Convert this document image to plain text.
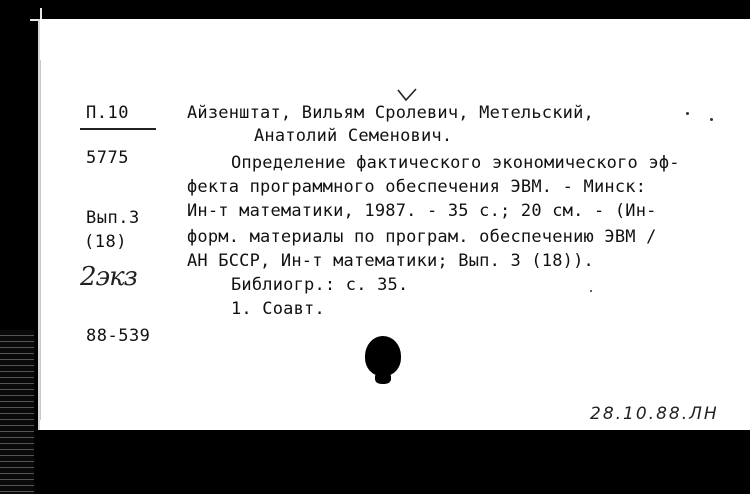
П.10
5775
Вып.3
(18)
2экз
88-539
Айзенштат, Вильям Сролевич, Метельский,
Анатолий Семенович.
Определение фактического экономического эф-
фекта программного обеспечения ЭВМ. - Минск:
Ин-т математики, 1987. - 35 с.; 20 см. - (Ин-
форм. материалы по програм. обеспечению ЭВМ /
АН БССР, Ин-т математики; Вып. 3 (18)).
Библиогр.: с. 35.
1. Соавт.
28.10.88.ЛН
